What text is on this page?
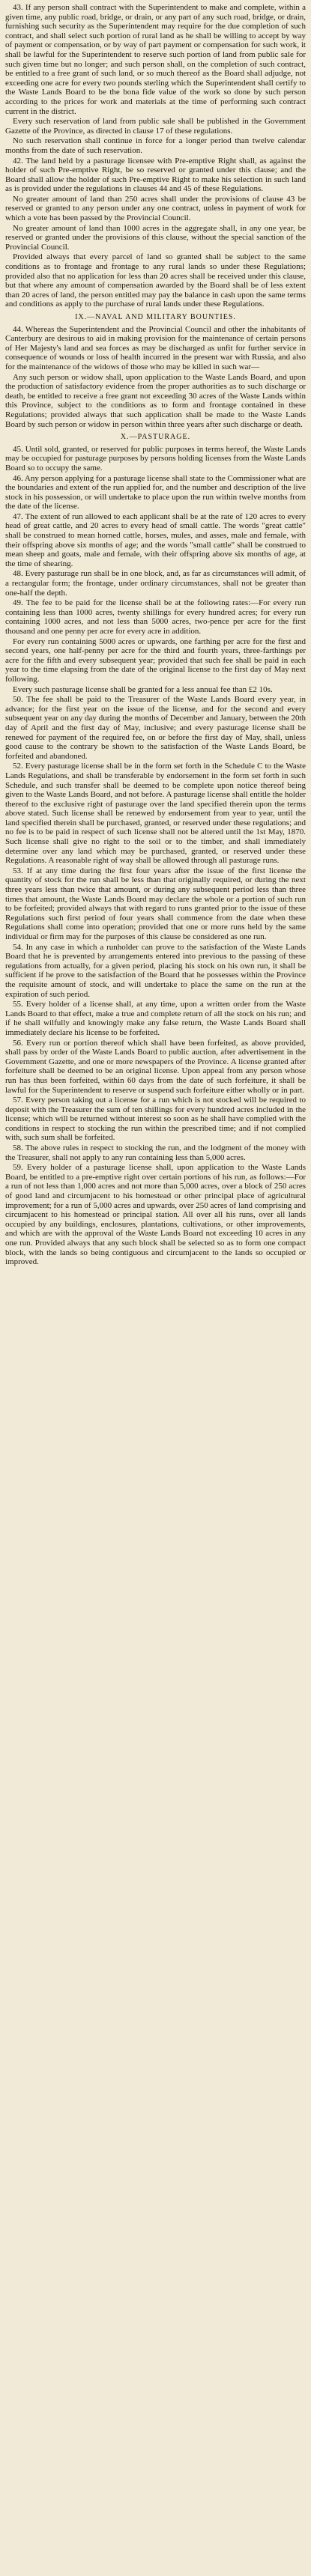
43. If any person shall contract with the Superintendent to make and complete, within a given time, any public road, bridge, or drain, or any part of any such road, bridge, or drain, furnishing such security as the Superintendent may require for the due completion of such contract, and shall select such portion of rural land as he shall be willing to accept by way of payment or compensation, or by way of part payment or compensation for such work, it shall be lawful for the Superintendent to reserve such portion of land from public sale for such given time but no longer; and such person shall, on the completion of such contract, be entitled to a free grant of such land, or so much thereof as the Board shall adjudge, not exceeding one acre for every two pounds sterling which the Superintendent shall certify to the Waste Lands Board to be the bona fide value of the work so done by such person according to the prices for work and materials at the time of performing such contract current in the district.

Every such reservation of land from public sale shall be published in the Government Gazette of the Province, as directed in clause 17 of these regulations.

No such reservation shall continue in force for a longer period than twelve calendar months from the date of such reservation.

42. The land held by a pasturage licensee with Pre-emptive Right shall, as against the holder of such Pre-emptive Right, be so reserved or granted under this clause; and the Board shall allow the holder of such Pre-emptive Right to make his selection in such land as is provided under the regulations in clauses 44 and 45 of these Regulations.

No greater amount of land than 250 acres shall under the provisions of clause 43 be reserved or granted to any person under any one contract, unless in payment of work for which a vote has been passed by the Provincial Council.

No greater amount of land than 1000 acres in the aggregate shall, in any one year, be reserved or granted under the provisions of this clause, without the special sanction of the Provincial Council.

Provided always that every parcel of land so granted shall be subject to the same conditions as to frontage and frontage to any rural lands so under these Regulations; provided also that no application for less than 20 acres shall be received under this clause, but that where any amount of compensation awarded by the Board shall be of less extent than 20 acres of land, the person entitled may pay the balance in cash upon the same terms and conditions as apply to the purchase of rural lands under these Regulations.

IX.—NAVAL AND MILITARY BOUNTIES.

44. Whereas the Superintendent and the Provincial Council and other the inhabitants of Canterbury are desirous to aid in making provision for the maintenance of certain persons of Her Majesty's land and sea forces as may be discharged as unfit for further service in consequence of wounds or loss of health incurred in the present war with Russia, and also for the maintenance of the widows of those who may be killed in such war—

Any such person or widow shall, upon application to the Waste Lands Board, and upon the production of satisfactory evidence from the proper authorities as to such discharge or death, be entitled to receive a free grant not exceeding 30 acres of the Waste Lands within this Province, subject to the conditions as to form and frontage contained in these Regulations; provided always that such application shall be made to the Waste Lands Board by such person or widow in person within three years after such discharge or death.

X.—PASTURAGE.

45. Until sold, granted, or reserved for public purposes in terms hereof, the Waste Lands may be occupied for pasturage purposes by persons holding licenses from the Waste Lands Board so to occupy the same.

46. Any person applying for a pasturage license shall state to the Commissioner what are the boundaries and extent of the run applied for, and the number and description of the live stock in his possession, or will undertake to place upon the run within twelve months from the date of the license.

47. The extent of run allowed to each applicant shall be at the rate of 120 acres to every head of great cattle, and 20 acres to every head of small cattle. The words "great cattle" shall be construed to mean horned cattle, horses, mules, and asses, male and female, with their offspring above six months of age; and the words "small cattle" shall be construed to mean sheep and goats, male and female, with their offspring above six months of age, at the time of shearing.

48. Every pasturage run shall be in one block, and, as far as circumstances will admit, of a rectangular form; the frontage, under ordinary circumstances, shall not be greater than one-half the depth.

49. The fee to be paid for the license shall be at the following rates:—For every run containing less than 1000 acres, twenty shillings for every hundred acres; for every run containing 1000 acres, and not less than 5000 acres, two-pence per acre for the first thousand and one penny per acre for every acre in addition.

For every run containing 5000 acres or upwards, one farthing per acre for the first and second years, one half-penny per acre for the third and fourth years, three-farthings per acre for the fifth and every subsequent year; provided that such fee shall be paid in each year to the time elapsing from the date of the original license to the first day of May next following.

Every such pasturage license shall be granted for a less annual fee than £2 10s.

50. The fee shall be paid to the Treasurer of the Waste Lands Board every year, in advance; for the first year on the issue of the license, and for the second and every subsequent year on any day during the months of December and January, between the 20th day of April and the first day of May, inclusive; and every pasturage license shall be renewed for payment of the required fee, on or before the first day of May, shall, unless good cause to the contrary be shown to the satisfaction of the Waste Lands Board, be forfeited and abandoned.

52. Every pasturage license shall be in the form set forth in the Schedule C to the Waste Lands Regulations, and shall be transferable by endorsement in the form set forth in such Schedule, and such transfer shall be deemed to be complete upon notice thereof being given to the Waste Lands Board, and not before. A pasturage license shall entitle the holder thereof to the exclusive right of pasturage over the land specified therein upon the terms above stated. Such license shall be renewed by endorsement from year to year, until the land specified therein shall be purchased, granted, or reserved under these regulations; and no fee is to be paid in respect of such license shall not be altered until the 1st May, 1870. Such license shall give no right to the soil or to the timber, and shall immediately determine over any land which may be purchased, granted, or reserved under these Regulations. A reasonable right of way shall be allowed through all pasturage runs.

53. If at any time during the first four years after the issue of the first license the quantity of stock for the run shall be less than that originally required, or during the next three years less than twice that amount, or during any subsequent period less than three times that amount, the Waste Lands Board may declare the whole or a portion of such run to be forfeited; provided always that with regard to runs granted prior to the issue of these Regulations such first period of four years shall commence from the date when these Regulations shall come into operation; provided that one or more runs held by the same individual or firm may for the purposes of this clause be considered as one run.

54. In any case in which a runholder can prove to the satisfaction of the Waste Lands Board that he is prevented by arrangements entered into previous to the passing of these regulations from actually, for a given period, placing his stock on his own run, it shall be sufficient if he prove to the satisfaction of the Board that he possesses within the Province the requisite amount of stock, and will undertake to place the same on the run at the expiration of such period.

55. Every holder of a license shall, at any time, upon a written order from the Waste Lands Board to that effect, make a true and complete return of all the stock on his run; and if he shall wilfully and knowingly make any false return, the Waste Lands Board shall immediately declare his license to be forfeited.

56. Every run or portion thereof which shall have been forfeited, as above provided, shall pass by order of the Waste Lands Board to public auction, after advertisement in the Government Gazette, and one or more newspapers of the Province. A license granted after forfeiture shall be deemed to be an original license. Upon appeal from any person whose run has thus been forfeited, within 60 days from the date of such forfeiture, it shall be lawful for the Superintendent to reserve or suspend such forfeiture either wholly or in part.

57. Every person taking out a license for a run which is not stocked will be required to deposit with the Treasurer the sum of ten shillings for every hundred acres included in the license; which will be returned without interest so soon as he shall have complied with the conditions in respect to stocking the run within the prescribed time; and if not complied with, such sum shall be forfeited.

58. The above rules in respect to stocking the run, and the lodgment of the money with the Treasurer, shall not apply to any run containing less than 5,000 acres.

59. Every holder of a pasturage license shall, upon application to the Waste Lands Board, be entitled to a pre-emptive right over certain portions of his run, as follows:—For a run of not less than 1,000 acres and not more than 5,000 acres, over a block of 250 acres of good land and circumjacent to his homestead or other principal place of agricultural improvement; for a run of 5,000 acres and upwards, over 250 acres of land comprising and circumjacent to his homestead or principal station. All over all his runs, over all lands occupied by any buildings, enclosures, plantations, cultivations, or other improvements, and which are with the approval of the Waste Lands Board not exceeding 10 acres in any one run. Provided always that any such block shall be selected so as to form one compact block, with the lands so being contiguous and circumjacent to the lands so occupied or improved.
